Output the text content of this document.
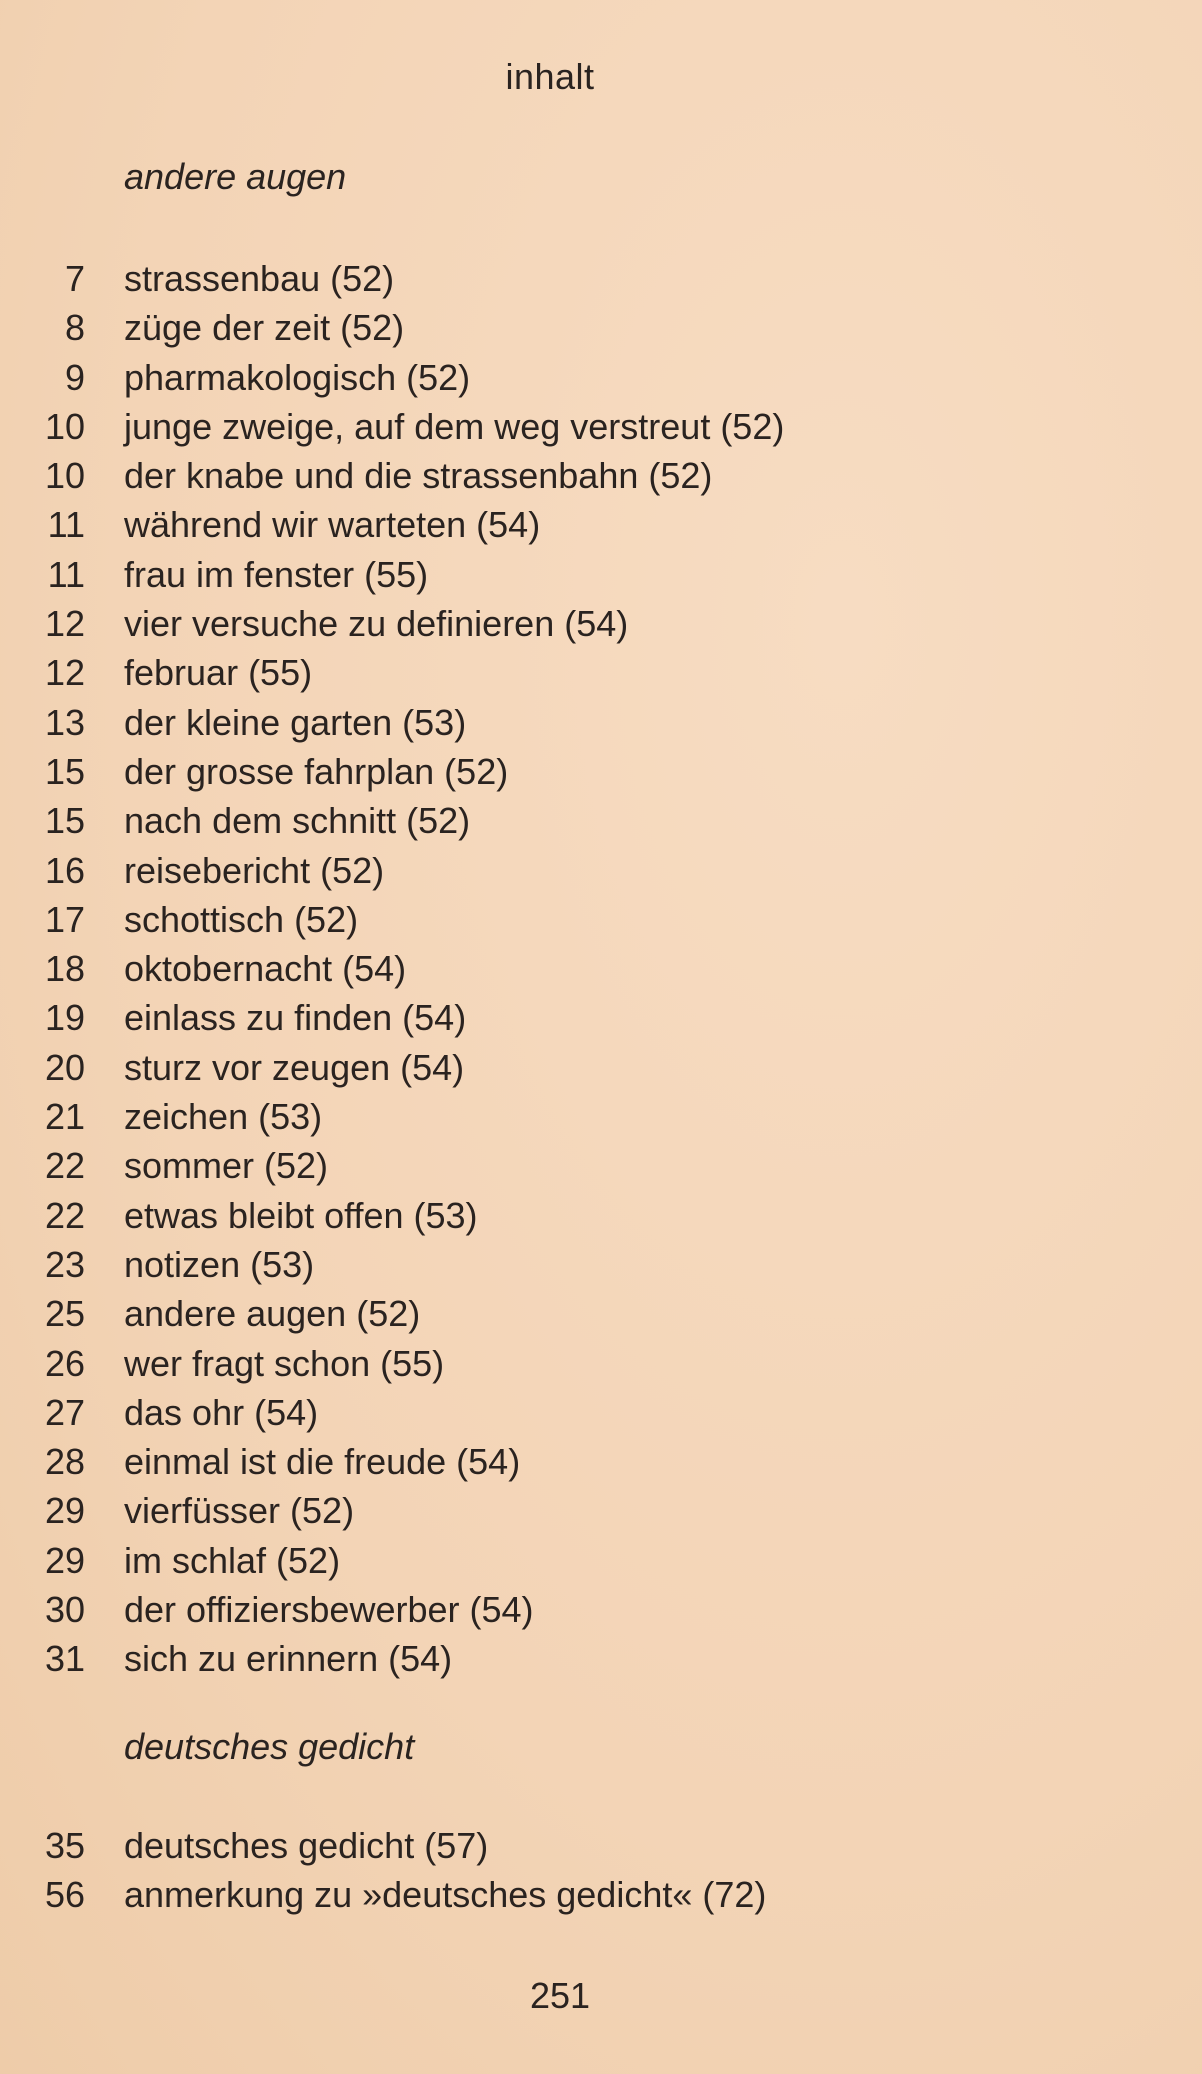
inhalt
andere augen
7 strassenbau (52)
8 züge der zeit (52)
9 pharmakologisch (52)
10 junge zweige, auf dem weg verstreut (52)
10 der knabe und die strassenbahn (52)
11 während wir warteten (54)
11 frau im fenster (55)
12 vier versuche zu definieren (54)
12 februar (55)
13 der kleine garten (53)
15 der grosse fahrplan (52)
15 nach dem schnitt (52)
16 reisebericht (52)
17 schottisch (52)
18 oktobernacht (54)
19 einlass zu finden (54)
20 sturz vor zeugen (54)
21 zeichen (53)
22 sommer (52)
22 etwas bleibt offen (53)
23 notizen (53)
25 andere augen (52)
26 wer fragt schon (55)
27 das ohr (54)
28 einmal ist die freude (54)
29 vierfüsser (52)
29 im schlaf (52)
30 der offiziersbewerber (54)
31 sich zu erinnern (54)
deutsches gedicht
35 deutsches gedicht (57)
56 anmerkung zu »deutsches gedicht« (72)
251
